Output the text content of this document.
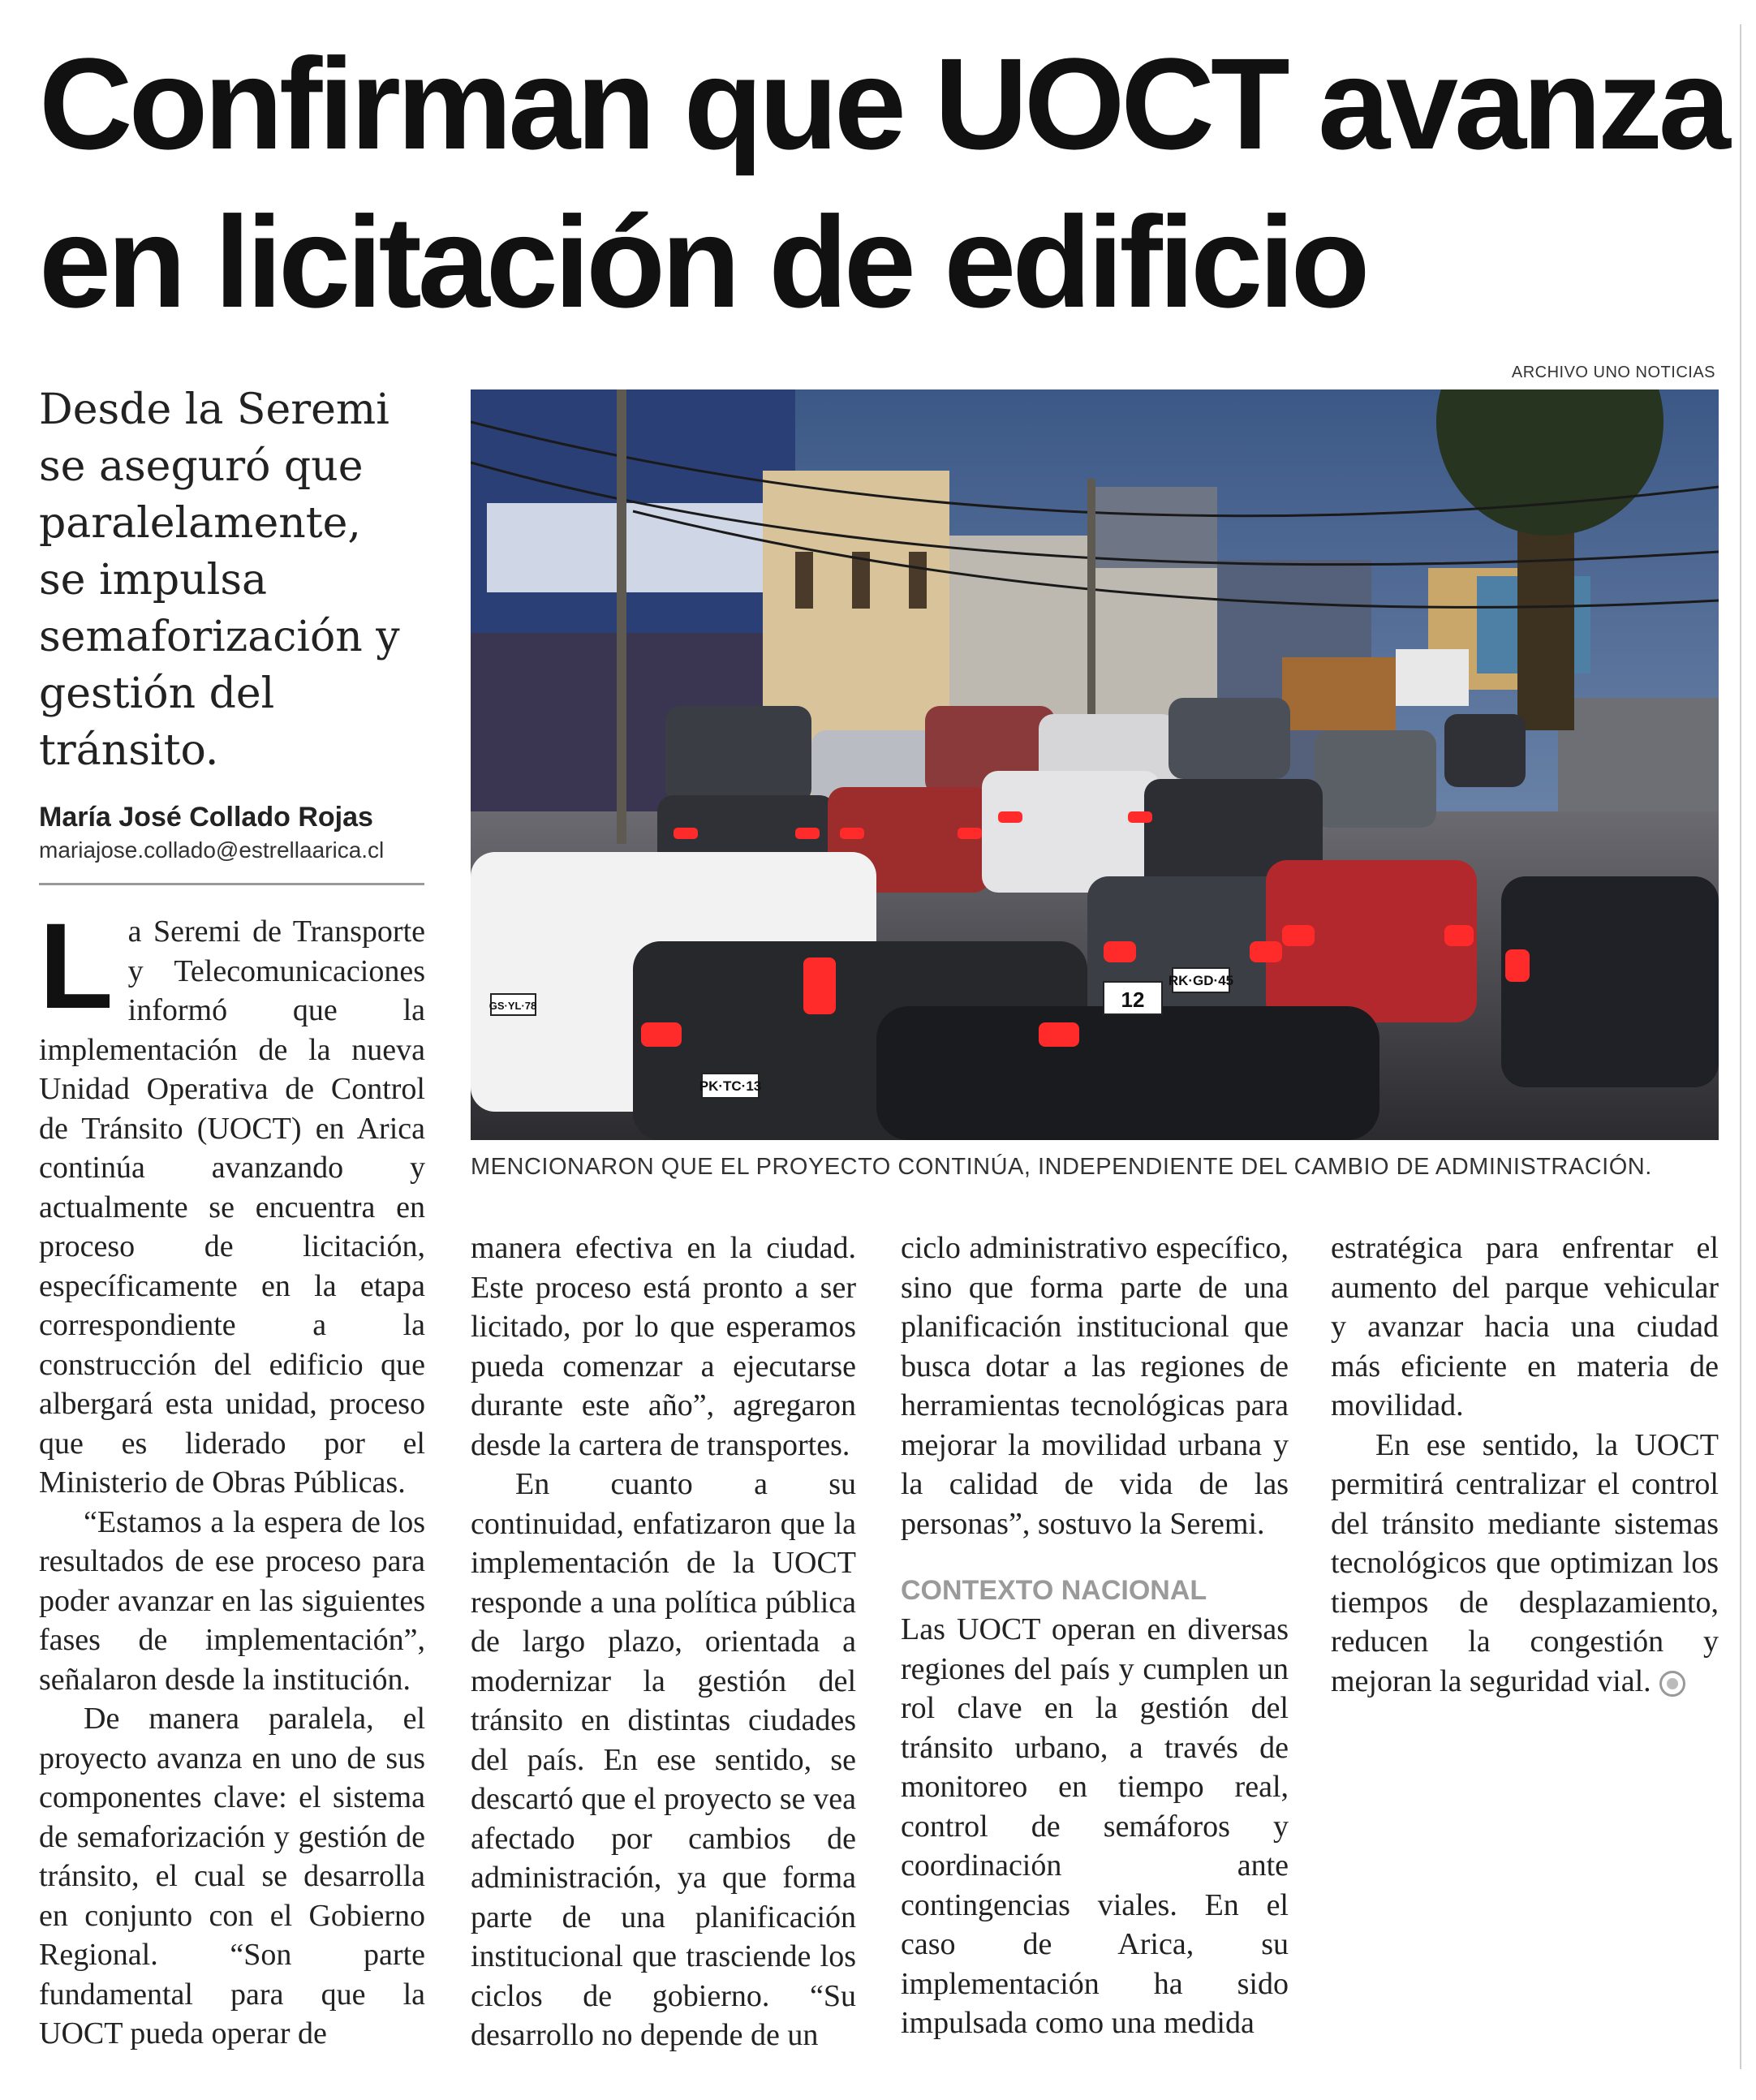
Confirman que UOCT avanza
en licitación de edificio
ARCHIVO UNO NOTICIAS
Desde la Seremi
se aseguró que
paralelamente,
se impulsa
semaforización y
gestión del
tránsito.
María José Collado Rojas
mariajose.collado@estrellaarica.cl
GS·YL·78
PK·TC·13
RK·GD·45
12
MENCIONARON QUE EL PROYECTO CONTINÚA, INDEPENDIENTE DEL CAMBIO DE ADMINISTRACIÓN.

La Seremi de Transporte y Telecomunicaciones informó que la implementación de la nueva Unidad Operativa de Control de Tránsito (UOCT) en Arica continúa avanzando y actualmente se encuentra en proceso de licitación, específicamente en la etapa correspondiente a la construcción del edificio que albergará esta unidad, proceso que es liderado por el Ministerio de Obras Públicas.

“Estamos a la espera de los resultados de ese proceso para poder avanzar en las siguientes fases de implementación”, señalaron desde la institución.

De manera paralela, el proyecto avanza en uno de sus componentes clave: el sistema de semaforización y gestión de tránsito, el cual se desarrolla en conjunto con el Gobierno Regional. “Son parte fundamental para que la UOCT pueda operar de

manera efectiva en la ciudad. Este proceso está pronto a ser licitado, por lo que esperamos pueda comenzar a ejecutarse durante este año”, agregaron desde la cartera de transportes.

En cuanto a su continuidad, enfatizaron que la implementación de la UOCT responde a una política pública de largo plazo, orientada a modernizar la gestión del tránsito en distintas ciudades del país. En ese sentido, se descartó que el proyecto se vea afectado por cambios de administración, ya que forma parte de una planificación institucional que trasciende los ciclos de gobierno. “Su desarrollo no depende de un

ciclo administrativo específico, sino que forma parte de una planificación institucional que busca dotar a las regiones de herramientas tecnológicas para mejorar la movilidad urbana y la calidad de vida de las personas”, sostuvo la Seremi.

CONTEXTO NACIONAL

Las UOCT operan en diversas regiones del país y cumplen un rol clave en la gestión del tránsito urbano, a través de monitoreo en tiempo real, control de semáforos y coordinación ante contingencias viales. En el caso de Arica, su implementación ha sido impulsada como una medida

estratégica para enfrentar el aumento del parque vehicular y avanzar hacia una ciudad más eficiente en materia de movilidad.

En ese sentido, la UOCT permitirá centralizar el control del tránsito mediante sistemas tecnológicos que optimizan los tiempos de desplazamiento, reducen la congestión y mejoran la seguridad vial.
